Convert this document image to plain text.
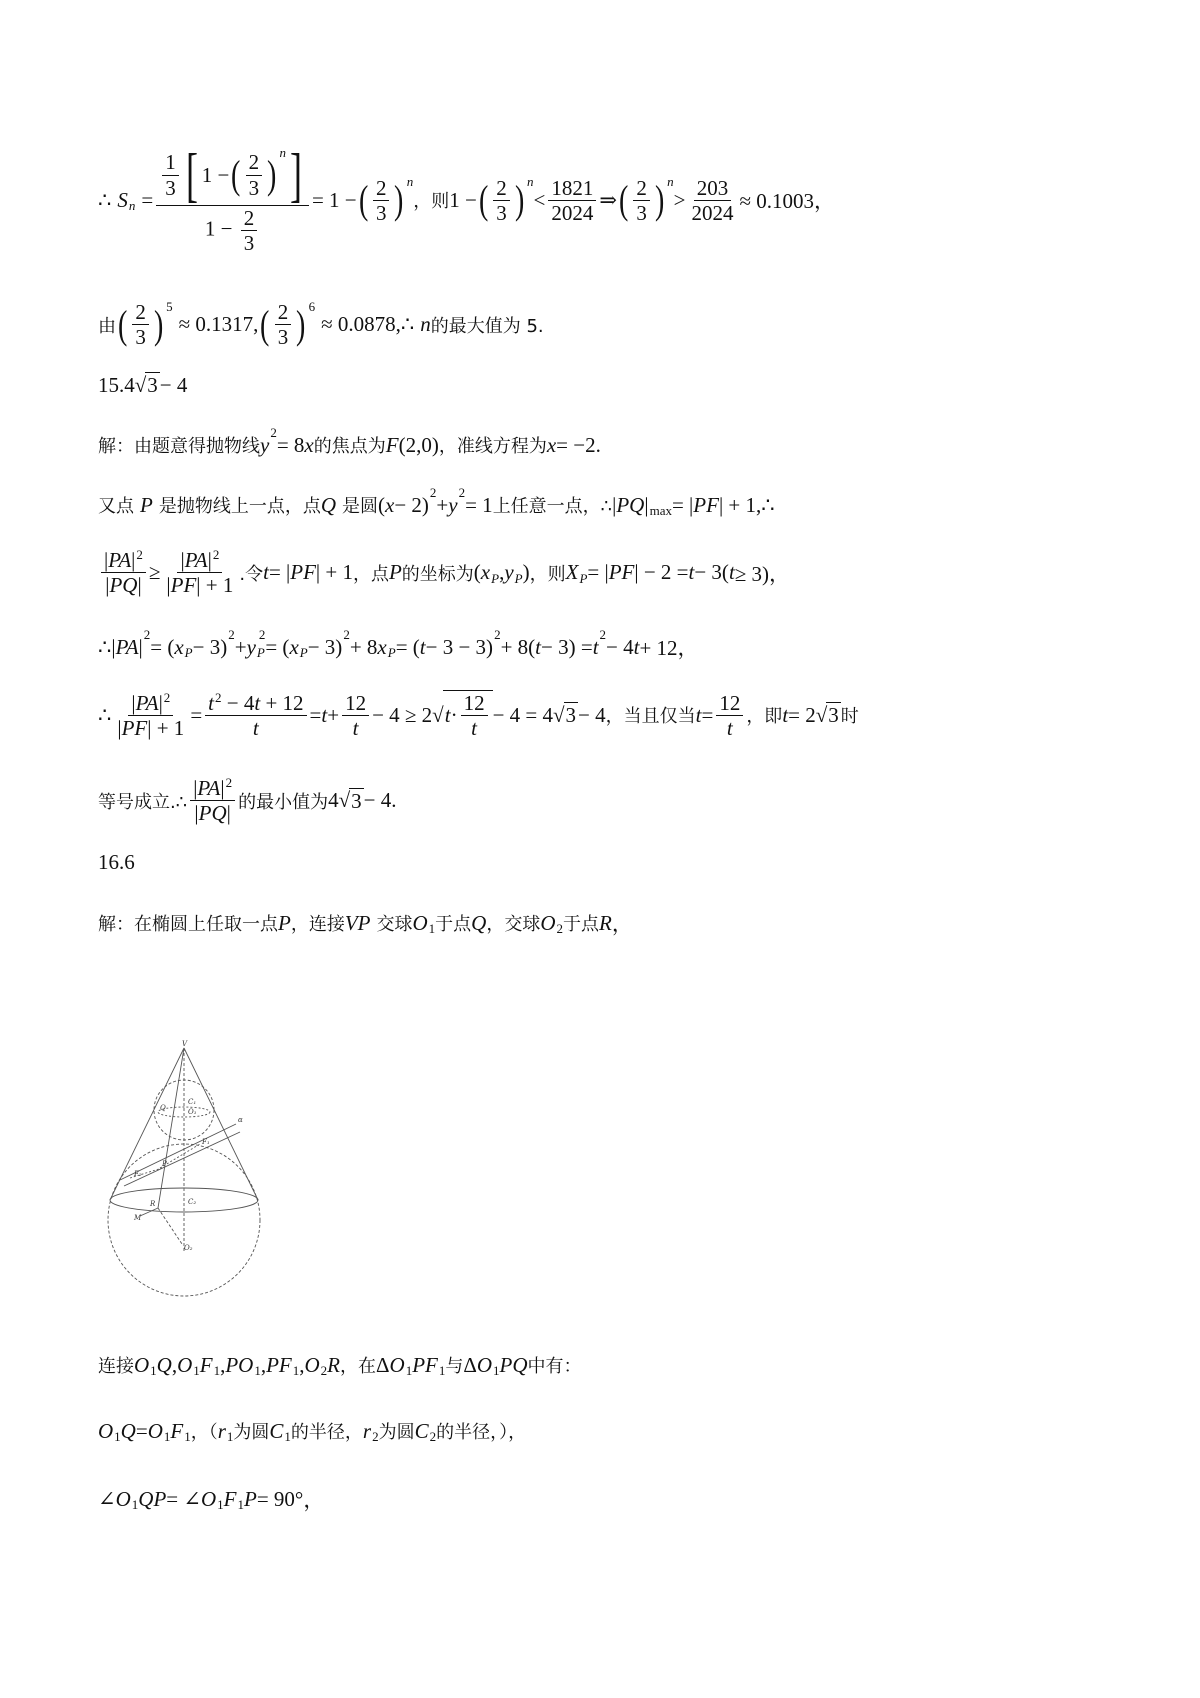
∴ S $n = \frac{\frac{1}{3} [ 1 - ( \frac{2}{3} ) n ]}{1 - \frac{2}{3}} = 1$ − ( $\frac{2}{3}$ ) n
，则 1 − ( $\frac{2}{3}$ ) n
< $\frac{1821}{2024}$ ⇒ ( $\frac{2}{3}$ ) n
> $\frac{203}{2024} \approx 0.1003$，
由 ( $\frac{2}{3}$ ) 5
≈ 0.1317, ( $\frac{2}{3}$ ) 6
≈ 0.0878,∴ n 的最大值为 5.
15. 4√ 3 − 4
解：由题意得抛物线 y 2 = 8 x 的焦点为 F (2,0) ，准线方程为 x = −2.
又点 P 是抛物线上一点，点 Q 是圆 ( x − 2) 2 + y 2 = 1 上任意一点，∴ | PQ | max = | PF | + 1,∴
$\frac{|PA|^2}{|PQ|} \ge \frac{|PA|^2}{|PF| + 1}$ .令 t = | PF | + 1 ，点 P 的坐标为 ( x P , y P ) ，则 X P = | PF | − 2 = t − 3( t ≥ 3)，
∴| PA | 2 = ( x P − 3) 2 + y P
2 = ( x P − 3) 2 + 8 x P = ( t − 3 − 3) 2 + 8( t − 3) = t 2 − 4 t + 12，
∴ $\frac{|PA|^2}{|PF| + 1} = \frac{t^2 - 4t + 12}{t} = t + \frac{12}{t} - 4 \ge 2√$ $t \cdot \frac{12}{t} - 4 = 4√$ 3 − 4 ，当且仅当 $t = \frac{12}{t}$ ，即 t = 2√ 3 时
等号成立.∴ $\frac{|PA|^2}{|PQ|}$ 的最小值为 4√ 3 − 4.
16.6
解：在椭圆上任取一点 P ，连接 VP 交球 O 1 于点 Q ，交球 O 2 于点 R ，
V
Q
C₁
O₁
α
F₁
F₂
P
R	C₂
M
O₂
连接 O 1 Q , O 1 F 1 , PO 1 , PF 1 , O 2 R ，在 Δ O 1 PF 1 与 Δ O 1 PQ 中有：
O 1 Q = O 1 F 1 ，（ r 1 为圆 C 1 的半径， r 2 为圆 C 2 的半径，），
∠ O 1 QP = ∠ O 1 F 1 P = 90° ，
